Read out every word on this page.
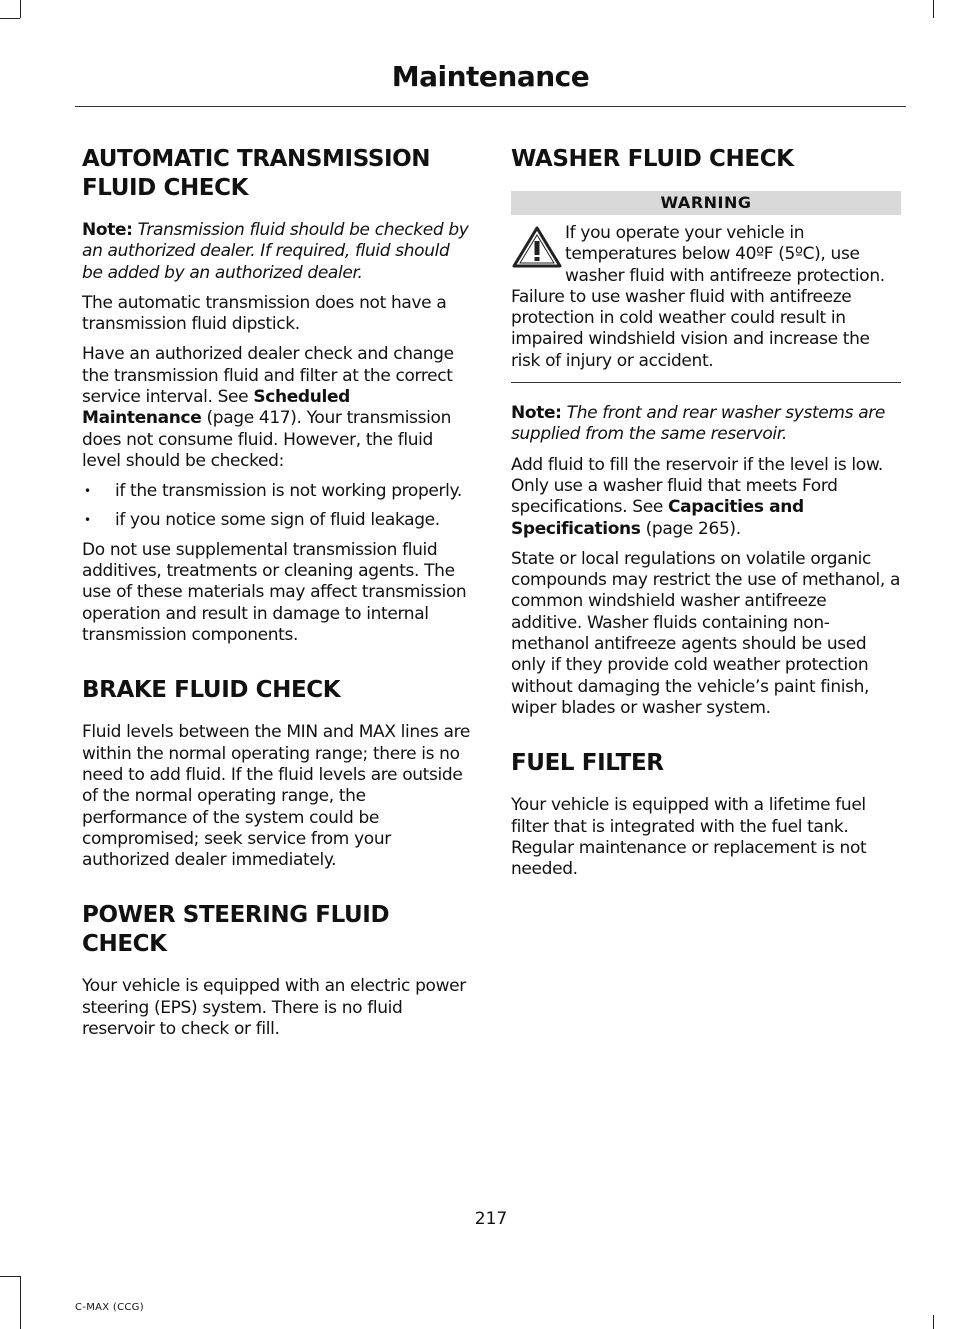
Maintenance
AUTOMATIC TRANSMISSION FLUID CHECK

Note: Transmission fluid should be checked by an authorized dealer. If required, fluid should be added by an authorized dealer.

The automatic transmission does not have a transmission fluid dipstick.

Have an authorized dealer check and change the transmission fluid and filter at the correct service interval. See Scheduled Maintenance (page 417). Your transmission does not consume fluid. However, the fluid level should be checked:

• if the transmission is not working properly.
• if you notice some sign of fluid leakage.

Do not use supplemental transmission fluid additives, treatments or cleaning agents. The use of these materials may affect transmission operation and result in damage to internal transmission components.

BRAKE FLUID CHECK

Fluid levels between the MIN and MAX lines are within the normal operating range; there is no need to add fluid. If the fluid levels are outside of the normal operating range, the performance of the system could be compromised; seek service from your authorized dealer immediately.

POWER STEERING FLUID CHECK

Your vehicle is equipped with an electric power steering (EPS) system. There is no fluid reservoir to check or fill.

WASHER FLUID CHECK
WARNING
If you operate your vehicle in temperatures below 40ºF (5ºC), use washer fluid with antifreeze protection. Failure to use washer fluid with antifreeze protection in cold weather could result in impaired windshield vision and increase the risk of injury or accident.

Note: The front and rear washer systems are supplied from the same reservoir.

Add fluid to fill the reservoir if the level is low. Only use a washer fluid that meets Ford specifications. See Capacities and Specifications (page 265).

State or local regulations on volatile organic compounds may restrict the use of methanol, a common windshield washer antifreeze additive. Washer fluids containing non-methanol antifreeze agents should be used only if they provide cold weather protection without damaging the vehicle’s paint finish, wiper blades or washer system.

FUEL FILTER

Your vehicle is equipped with a lifetime fuel filter that is integrated with the fuel tank. Regular maintenance or replacement is not needed.

217
C-MAX (CCG)
